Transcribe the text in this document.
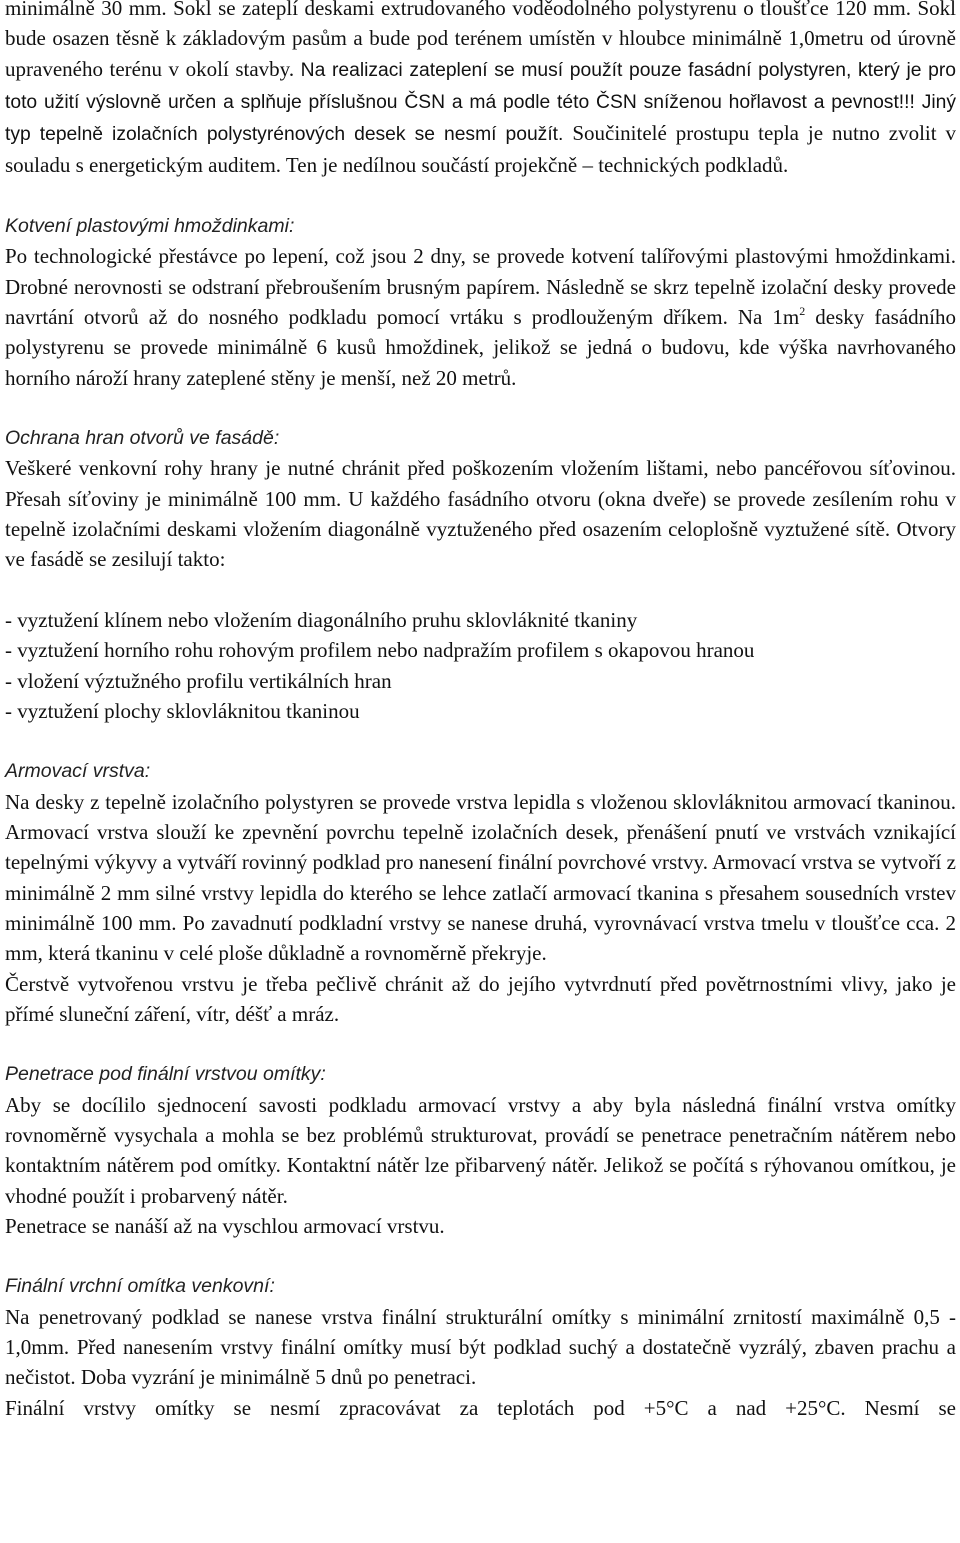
minimálně 30 mm. Sokl se zateplí deskami extrudovaného voděodolného polystyrenu o tloušťce 120 mm. Sokl bude osazen těsně k základovým pasům a bude pod terénem umístěn v hloubce minimálně 1,0metru od úrovně upraveného terénu v okolí stavby. Na realizaci zateplení se musí použít pouze fasádní polystyren, který je pro toto užití výslovně určen a splňuje příslušnou ČSN a má podle této ČSN sníženou hořlavost a pevnost!!! Jiný typ tepelně izolačních polystyrénových desek se nesmí použít. Součinitelé prostupu tepla je nutno zvolit v souladu s energetickým auditem. Ten je nedílnou součástí projekčně – technických podkladů.

Kotvení plastovými hmoždinkami:

Po technologické přestávce po lepení, což jsou 2 dny, se provede kotvení talířovými plastovými hmoždinkami. Drobné nerovnosti se odstraní přebroušením brusným papírem. Následně se skrz tepelně izolační desky provede navrtání otvorů až do nosného podkladu pomocí vrtáku s prodlouženým dříkem. Na $1m^2$ desky fasádního polystyrenu se provede minimálně 6 kusů hmoždinek, jelikož se jedná o budovu, kde výška navrhovaného horního nároží hrany zateplené stěny je menší, než 20 metrů.

Ochrana hran otvorů ve fasádě:

Veškeré venkovní rohy hrany je nutné chránit před poškozením vložením lištami, nebo pancéřovou síťovinou. Přesah síťoviny je minimálně 100 mm. U každého fasádního otvoru (okna dveře) se provede zesílením rohu v tepelně izolačními deskami vložením diagonálně vyztuženého před osazením celoplošně vyztužené sítě. Otvory ve fasádě se zesilují takto:

- vyztužení klínem nebo vložením diagonálního pruhu sklovláknité tkaniny

- vyztužení horního rohu rohovým profilem nebo nadpražím profilem s okapovou hranou

- vložení výztužného profilu vertikálních hran

- vyztužení plochy sklovláknitou tkaninou

Armovací vrstva:

Na desky z tepelně izolačního polystyren se provede vrstva lepidla s vloženou sklovláknitou armovací tkaninou. Armovací vrstva slouží ke zpevnění povrchu tepelně izolačních desek, přenášení pnutí ve vrstvách vznikající tepelnými výkyvy a vytváří rovinný podklad pro nanesení finální povrchové vrstvy. Armovací vrstva se vytvoří z minimálně 2 mm silné vrstvy lepidla do kterého se lehce zatlačí armovací tkanina s přesahem sousedních vrstev minimálně 100 mm. Po zavadnutí podkladní vrstvy se nanese druhá, vyrovnávací vrstva tmelu v tloušťce cca. 2 mm, která tkaninu v celé ploše důkladně a rovnoměrně překryje.

Čerstvě vytvořenou vrstvu je třeba pečlivě chránit až do jejího vytvrdnutí před povětrnostními vlivy, jako je přímé sluneční záření, vítr, déšť a mráz.

Penetrace pod finální vrstvou omítky:

Aby se docílilo sjednocení savosti podkladu armovací vrstvy a aby byla následná finální vrstva omítky rovnoměrně vysychala a mohla se bez problémů strukturovat, provádí se penetrace penetračním nátěrem nebo kontaktním nátěrem pod omítky. Kontaktní nátěr lze přibarvený nátěr. Jelikož se počítá s rýhovanou omítkou, je vhodné použít i probarvený nátěr.

Penetrace se nanáší až na vyschlou armovací vrstvu.

Finální vrchní omítka venkovní:

Na penetrovaný podklad se nanese vrstva finální strukturální omítky s minimální zrnitostí maximálně 0,5 - 1,0mm. Před nanesením vrstvy finální omítky musí být podklad suchý a dostatečně vyzrálý, zbaven prachu a nečistot. Doba vyzrání je minimálně 5 dnů po penetraci.

Finální vrstvy omítky se nesmí zpracovávat za teplotách pod +5°C a nad +25°C. Nesmí se
